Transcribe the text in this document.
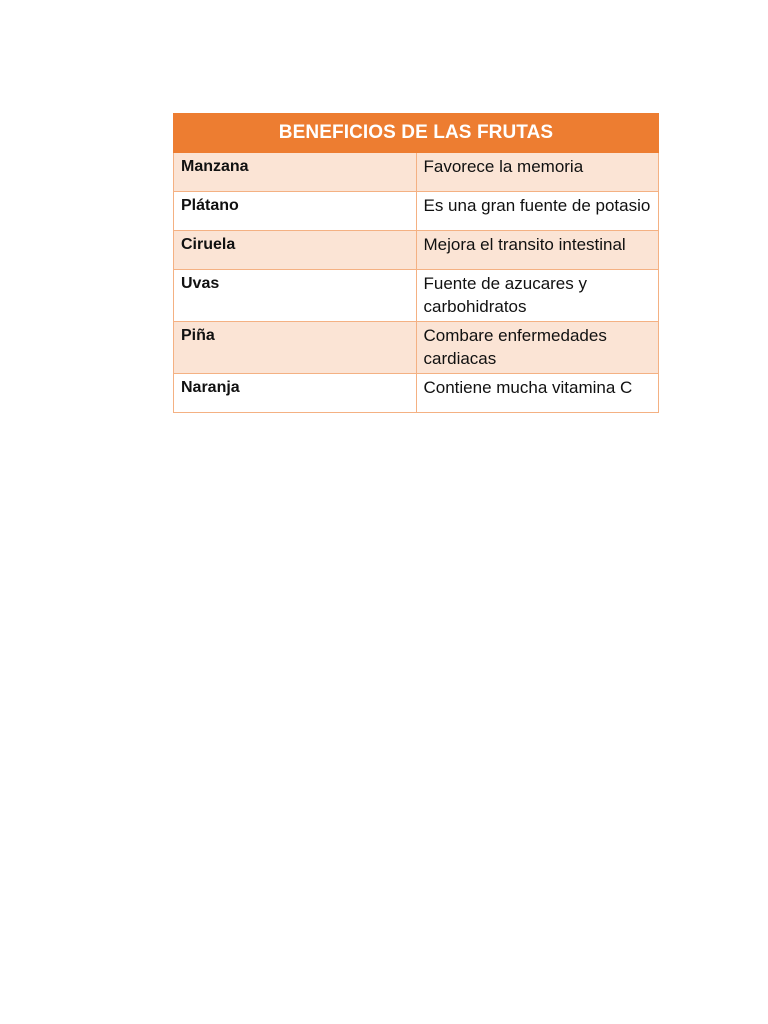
BENEFICIOS DE LAS FRUTAS	
Manzana	Favorece la memoria
Plátano	Es una gran fuente de potasio
Ciruela	Mejora el transito intestinal
Uvas	Fuente de azucares y carbohidratos
Piña	Combare enfermedades cardiacas
Naranja	Contiene mucha vitamina C
